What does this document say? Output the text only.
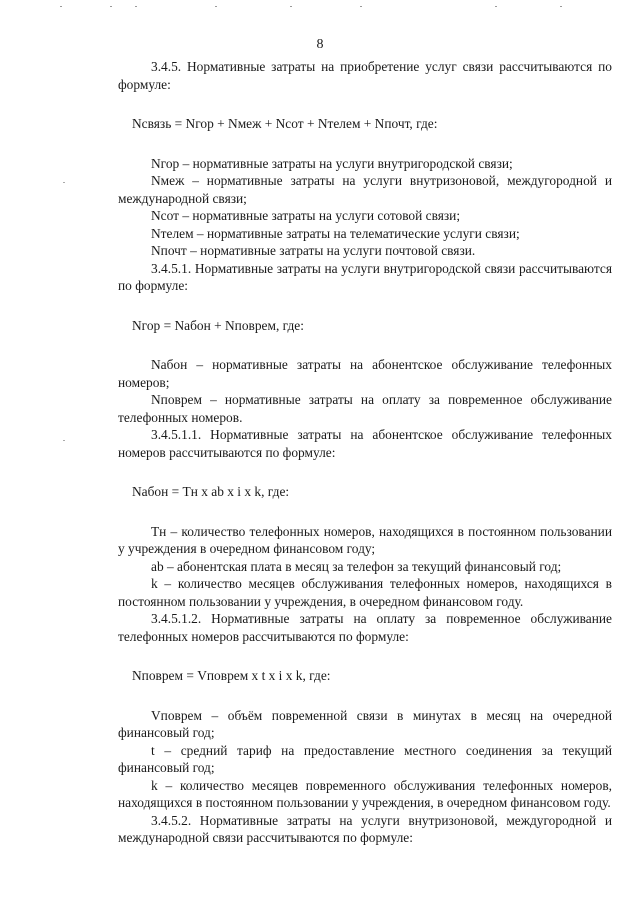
8

3.4.5. Нормативные затраты на приобретение услуг связи рассчитываются по формуле:

Nсвязь = Nгор + Nмеж + Nсот + Nтелем + Nпочт, где:

Nгор – нормативные затраты на услуги внутригородской связи;

Nмеж – нормативные затраты на услуги внутризоновой, междугородной и международной связи;

Nсот – нормативные затраты на услуги сотовой связи;

Nтелем – нормативные затраты на телематические услуги связи;

Nпочт – нормативные затраты на услуги почтовой связи.

3.4.5.1. Нормативные затраты на услуги внутригородской связи рассчитываются по формуле:

Nгор = Nабон + Nповрем, где:

Nабон – нормативные затраты на абонентское обслуживание телефонных номеров;

Nповрем – нормативные затраты на оплату за повременное обслуживание телефонных номеров.

3.4.5.1.1. Нормативные затраты на абонентское обслуживание телефонных номеров рассчитываются по формуле:

Nабон = Tн x ab x i x k, где:

Tн – количество телефонных номеров, находящихся в постоянном пользовании у учреждения в очередном финансовом году;

ab – абонентская плата в месяц за телефон за текущий финансовый год;

k – количество месяцев обслуживания телефонных номеров, находящихся в постоянном пользовании у учреждения, в очередном финансовом году.

3.4.5.1.2. Нормативные затраты на оплату за повременное обслуживание телефонных номеров рассчитываются по формуле:

Nповрем = Vповрем x t x i x k, где:

Vповрем – объём повременной связи в минутах в месяц на очередной финансовый год;

t – средний тариф на предоставление местного соединения за текущий финансовый год;

k – количество месяцев повременного обслуживания телефонных номеров, находящихся в постоянном пользовании у учреждения, в очередном финансовом году.

3.4.5.2. Нормативные затраты на услуги внутризоновой, междугородной и международной связи рассчитываются по формуле:
